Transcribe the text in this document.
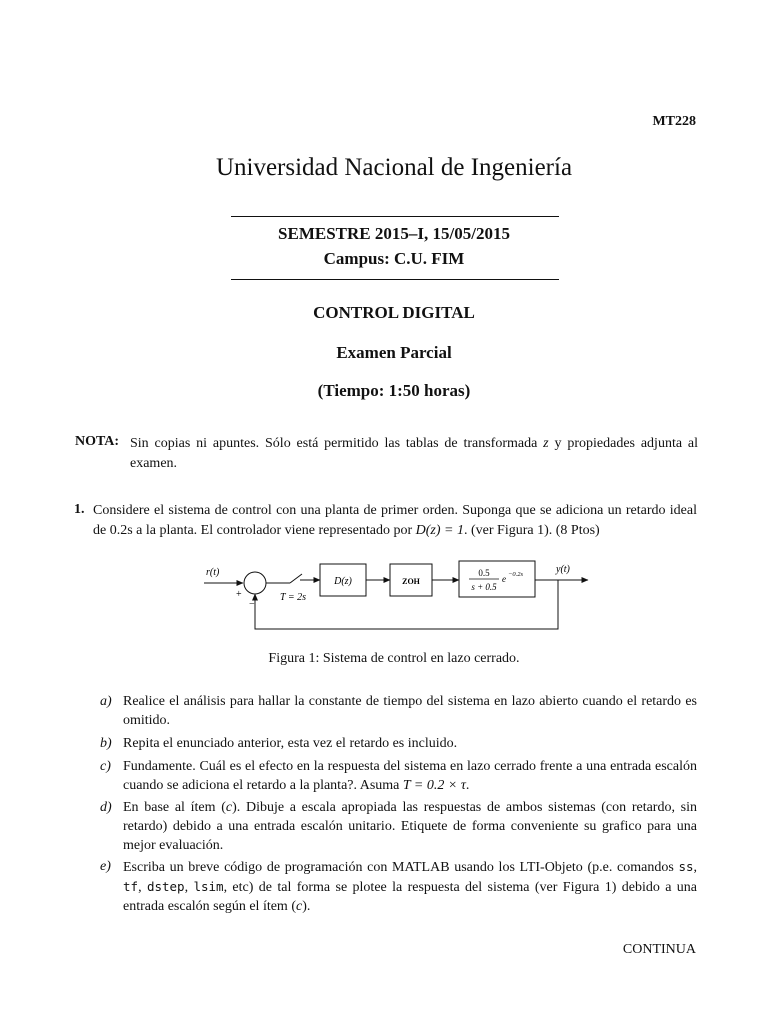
MT228
Universidad Nacional de Ingeniería
SEMESTRE 2015–I, 15/05/2015
Campus: C.U. FIM
CONTROL DIGITAL
Examen Parcial
(Tiempo: 1:50 horas)
NOTA: Sin copias ni apuntes. Sólo está permitido las tablas de transformada z y propiedades adjunta al examen.
1. Considere el sistema de control con una planta de primer orden. Suponga que se adiciona un retardo ideal de 0.2s a la planta. El controlador viene representado por D(z) = 1. (ver Figura 1). (8 Ptos)
r(t)
+
−
T = 2s
D(z)	ZOH
0.5
s + 0.5
e −0.2s	y(t)
Figura 1: Sistema de control en lazo cerrado.
a) Realice el análisis para hallar la constante de tiempo del sistema en lazo abierto cuando el retardo es omitido.
b) Repita el enunciado anterior, esta vez el retardo es incluido.
c) Fundamente. Cuál es el efecto en la respuesta del sistema en lazo cerrado frente a una entrada escalón cuando se adiciona el retardo a la planta?. Asuma T = 0.2 × τ.
d) En base al ítem (c). Dibuje a escala apropiada las respuestas de ambos sistemas (con retardo, sin retardo) debido a una entrada escalón unitario. Etiquete de forma conveniente su grafico para una mejor evaluación.
e) Escriba un breve código de programación con MATLAB usando los LTI-Objeto (p.e. comandos ss, tf, dstep, lsim, etc) de tal forma se plotee la respuesta del sistema (ver Figura 1) debido a una entrada escalón según el ítem (c).
CONTINUA
